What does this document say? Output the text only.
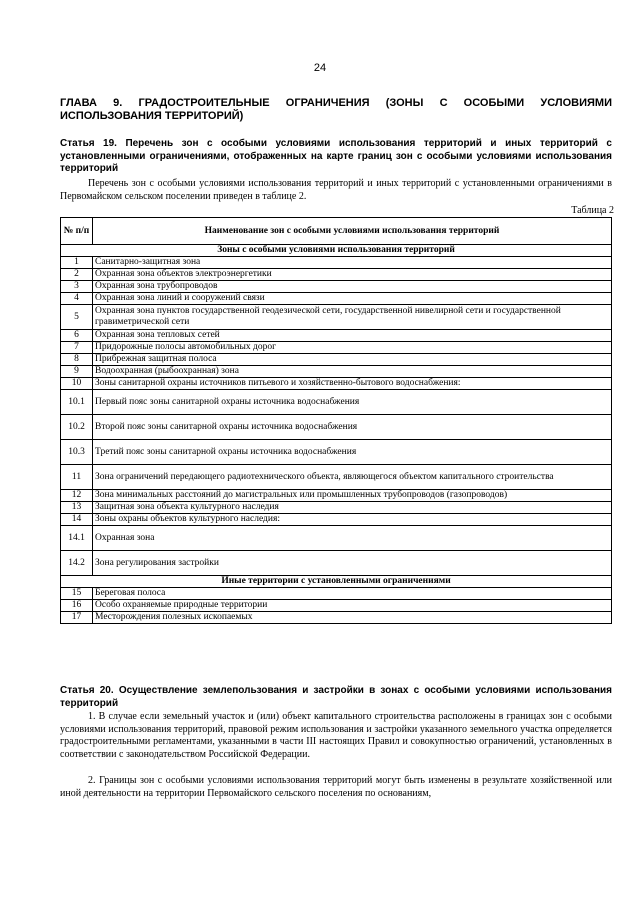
24
ГЛАВА 9. ГРАДОСТРОИТЕЛЬНЫЕ ОГРАНИЧЕНИЯ (ЗОНЫ С ОСОБЫМИ УСЛОВИЯМИ ИСПОЛЬЗОВАНИЯ ТЕРРИТОРИЙ)
Статья 19. Перечень зон с особыми условиями использования территорий и иных территорий с установленными ограничениями, отображенных на карте границ зон с особыми условиями использования территорий
Перечень зон с особыми условиями использования территорий и иных территорий с установленными ограничениями в Первомайском сельском поселении приведен в таблице 2.
Таблица 2
№ п/п	Наименование зон с особыми условиями использования территорий
Зоны с особыми условиями использования территорий	
1	Санитарно-защитная зона
2	Охранная зона объектов электроэнергетики
3	Охранная зона трубопроводов
4	Охранная зона линий и сооружений связи
5	Охранная зона пунктов государственной геодезической сети, государственной нивелирной сети и государственной гравиметрической сети
6	Охранная зона тепловых сетей
7	Придорожные полосы автомобильных дорог
8	Прибрежная защитная полоса
9	Водоохранная (рыбоохранная) зона
10	Зоны санитарной охраны источников питьевого и хозяйственно-бытового водоснабжения:
10.1	Первый пояс зоны санитарной охраны источника водоснабжения
10.2	Второй пояс зоны санитарной охраны источника водоснабжения
10.3	Третий пояс зоны санитарной охраны источника водоснабжения
11	Зона ограничений передающего радиотехнического объекта, являющегося объектом капитального строительства
12	Зона минимальных расстояний до магистральных или промышленных трубопроводов (газопроводов)
13	Защитная зона объекта культурного наследия
14	Зоны охраны объектов культурного наследия:
14.1	Охранная зона
14.2	Зона регулирования застройки
Иные территории с установленными ограничениями	
15	Береговая полоса
16	Особо охраняемые природные территории
17	Месторождения полезных ископаемых
Статья 20. Осуществление землепользования и застройки в зонах с особыми условиями использования территорий
1. В случае если земельный участок и (или) объект капитального строительства расположены в границах зон с особыми условиями использования территорий, правовой режим использования и застройки указанного земельного участка определяется градостроительными регламентами, указанными в части III настоящих Правил и совокупностью ограничений, установленных в соответствии с законодательством Российской Федерации.
2. Границы зон с особыми условиями использования территорий могут быть изменены в результате хозяйственной или иной деятельности на территории Первомайского сельского поселения по основаниям,
